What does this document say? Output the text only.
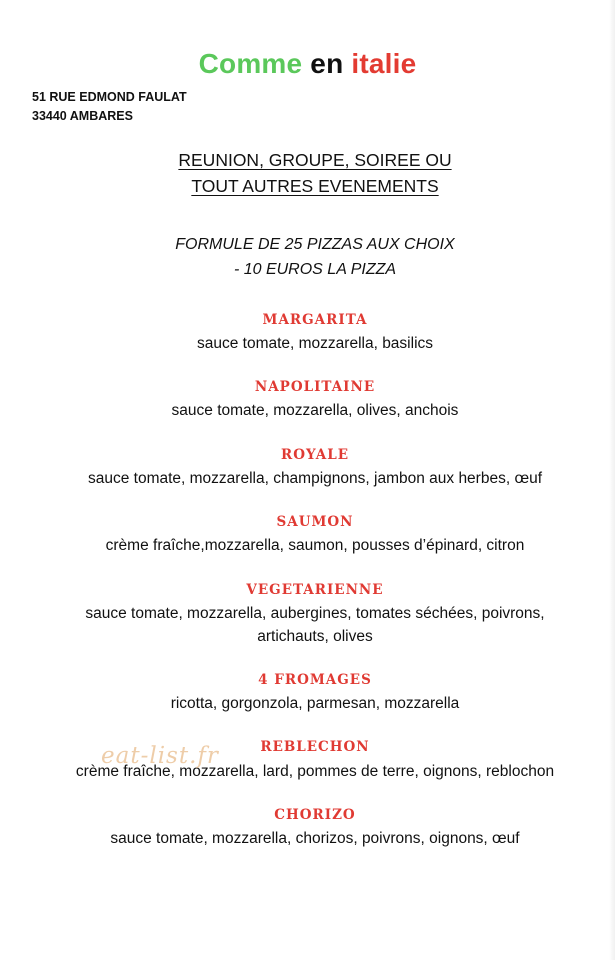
Comme en italie
51 RUE EDMOND FAULAT
33440 AMBARES
REUNION, GROUPE, SOIREE OU
TOUT AUTRES EVENEMENTS
FORMULE DE 25 PIZZAS AUX CHOIX
- 10 EUROS LA PIZZA
MARGARITA
sauce tomate, mozzarella, basilics
NAPOLITAINE
sauce tomate, mozzarella, olives, anchois
ROYALE
sauce tomate, mozzarella, champignons, jambon aux herbes, œuf
SAUMON
crème fraîche,mozzarella, saumon, pousses d’épinard, citron
VEGETARIENNE
sauce tomate, mozzarella, aubergines, tomates séchées, poivrons,
artichauts, olives
4 FROMAGES
ricotta, gorgonzola, parmesan, mozzarella
REBLECHON
crème fraîche, mozzarella, lard, pommes de terre, oignons, reblochon
CHORIZO
sauce tomate, mozzarella, chorizos, poivrons, oignons, œuf
eat-list.fr
